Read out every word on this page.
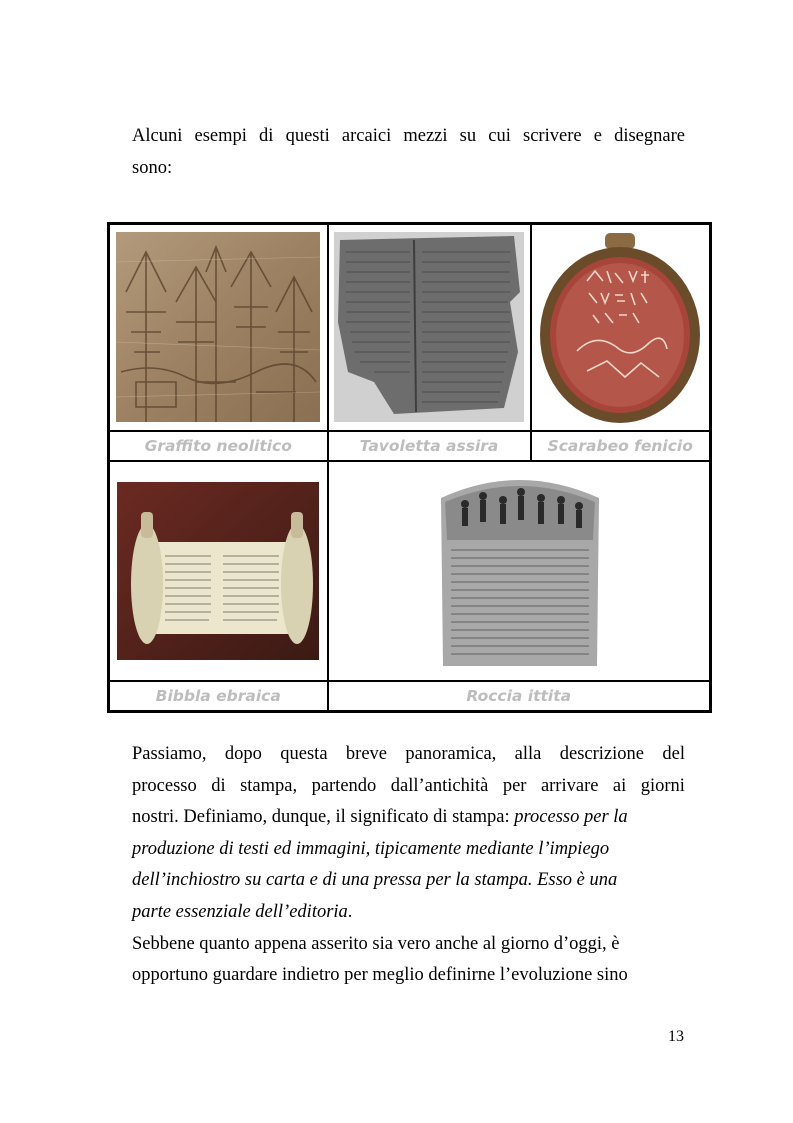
Alcuni esempi di questi arcaici mezzi su cui scrivere e disegnare
sono:

Graffito neolitico	Tavoletta assira	Scarabeo fenicio

Bibbla ebraica	Roccia ittita	
Passiamo, dopo questa breve panoramica, alla descrizione del
processo di stampa, partendo dall’antichità per arrivare ai giorni
nostri. Definiamo, dunque, il significato di stampa: processo per la
produzione di testi ed immagini, tipicamente mediante l’impiego
dell’inchiostro su carta e di una pressa per la stampa. Esso è una
parte essenziale dell’editoria.
Sebbene quanto appena asserito sia vero anche al giorno d’oggi, è
opportuno guardare indietro per meglio definirne l’evoluzione sino
13
